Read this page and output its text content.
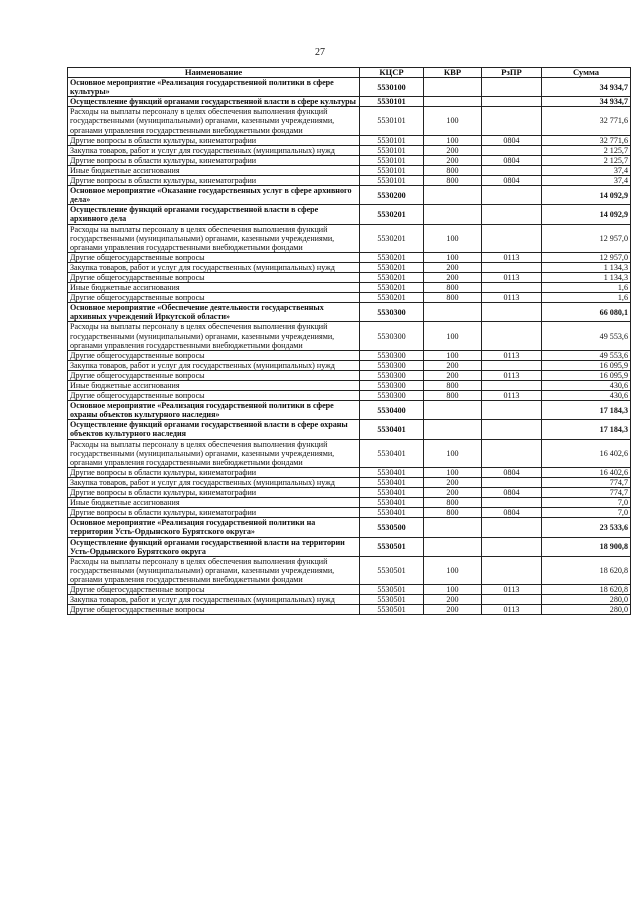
27
Наименование	КЦСР	КВР	РзПР	Сумма
Основное мероприятие «Реализация государственной политики в сфере культуры»	5530100			34 934,7
Осуществление функций органами государственной власти в сфере культуры	5530101			34 934,7
Расходы на выплаты персоналу в целях обеспечения выполнения функций государственными (муниципальными) органами, казенными учреждениями, органами управления государственными внебюджетными фондами	5530101	100		32 771,6
Другие вопросы в области культуры, кинематографии	5530101	100	0804	32 771,6
Закупка товаров, работ и услуг для государственных (муниципальных) нужд	5530101	200		2 125,7
Другие вопросы в области культуры, кинематографии	5530101	200	0804	2 125,7
Иные бюджетные ассигнования	5530101	800		37,4
Другие вопросы в области культуры, кинематографии	5530101	800	0804	37,4
Основное мероприятие «Оказание государственных услуг в сфере архивного дела»	5530200			14 092,9
Осуществление функций органами государственной власти в сфере архивного дела	5530201			14 092,9
Расходы на выплаты персоналу в целях обеспечения выполнения функций государственными (муниципальными) органами, казенными учреждениями, органами управления государственными внебюджетными фондами	5530201	100		12 957,0
Другие общегосударственные вопросы	5530201	100	0113	12 957,0
Закупка товаров, работ и услуг для государственных (муниципальных) нужд	5530201	200		1 134,3
Другие общегосударственные вопросы	5530201	200	0113	1 134,3
Иные бюджетные ассигнования	5530201	800		1,6
Другие общегосударственные вопросы	5530201	800	0113	1,6
Основное мероприятие «Обеспечение деятельности государственных архивных учреждений Иркутской области»	5530300			66 080,1
Расходы на выплаты персоналу в целях обеспечения выполнения функций государственными (муниципальными) органами, казенными учреждениями, органами управления государственными внебюджетными фондами	5530300	100		49 553,6
Другие общегосударственные вопросы	5530300	100	0113	49 553,6
Закупка товаров, работ и услуг для государственных (муниципальных) нужд	5530300	200		16 095,9
Другие общегосударственные вопросы	5530300	200	0113	16 095,9
Иные бюджетные ассигнования	5530300	800		430,6
Другие общегосударственные вопросы	5530300	800	0113	430,6
Основное мероприятие «Реализация государственной политики в сфере охраны объектов культурного наследия»	5530400			17 184,3
Осуществление функций органами государственной власти в сфере охраны объектов культурного наследия	5530401			17 184,3
Расходы на выплаты персоналу в целях обеспечения выполнения функций государственными (муниципальными) органами, казенными учреждениями, органами управления государственными внебюджетными фондами	5530401	100		16 402,6
Другие вопросы в области культуры, кинематографии	5530401	100	0804	16 402,6
Закупка товаров, работ и услуг для государственных (муниципальных) нужд	5530401	200		774,7
Другие вопросы в области культуры, кинематографии	5530401	200	0804	774,7
Иные бюджетные ассигнования	5530401	800		7,0
Другие вопросы в области культуры, кинематографии	5530401	800	0804	7,0
Основное мероприятие «Реализация государственной политики на территории Усть-Ордынского Бурятского округа»	5530500			23 533,6
Осуществление функций органами государственной власти на территории Усть-Ордынского Бурятского округа	5530501			18 900,8
Расходы на выплаты персоналу в целях обеспечения выполнения функций государственными (муниципальными) органами, казенными учреждениями, органами управления государственными внебюджетными фондами	5530501	100		18 620,8
Другие общегосударственные вопросы	5530501	100	0113	18 620,8
Закупка товаров, работ и услуг для государственных (муниципальных) нужд	5530501	200		280,0
Другие общегосударственные вопросы	5530501	200	0113	280,0
